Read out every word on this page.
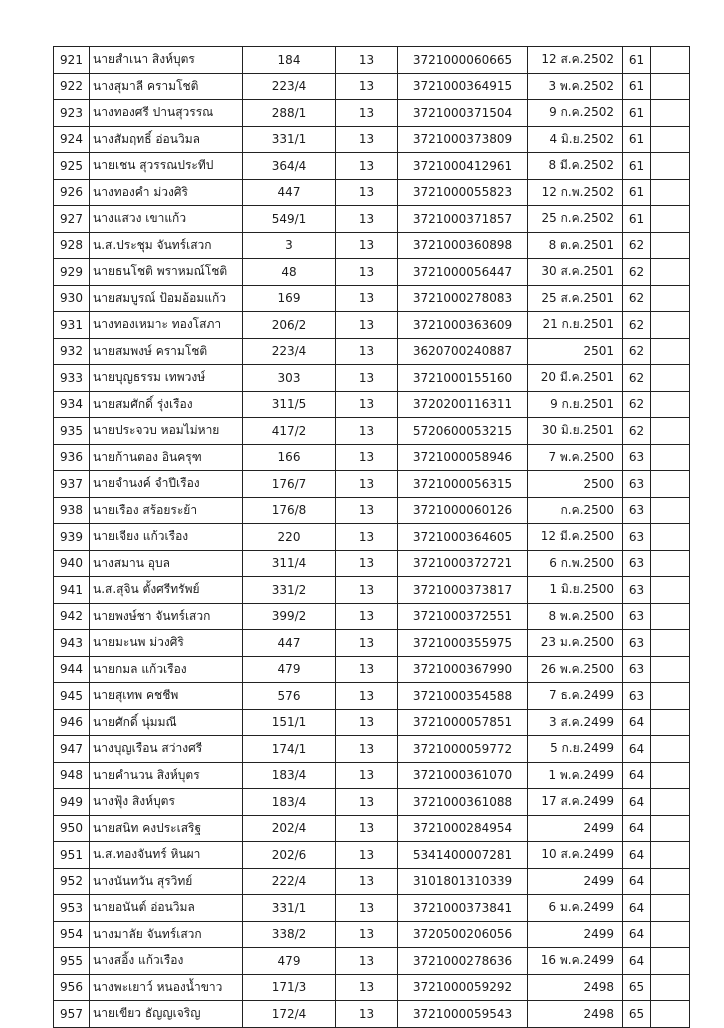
921	นายสำเนา สิงห์บุตร	184	13	3721000060665	12 ส.ค.2502	61	
922	นางสุมาลี ครามโชติ	223/4	13	3721000364915	3 พ.ค.2502	61	
923	นางทองศรี ปานสุวรรณ	288/1	13	3721000371504	9 ก.ค.2502	61	
924	นางสัมฤทธิ์ อ่อนวิมล	331/1	13	3721000373809	4 มิ.ย.2502	61	
925	นายเชน สุวรรณประทีป	364/4	13	3721000412961	8 มี.ค.2502	61	
926	นางทองคำ ม่วงศิริ	447	13	3721000055823	12 ก.พ.2502	61	
927	นางแสวง เขาแก้ว	549/1	13	3721000371857	25 ก.ค.2502	61	
928	น.ส.ประชุม จันทร์เสวก	3	13	3721000360898	8 ต.ค.2501	62	
929	นายธนโชติ พราหมณ์โชติ	48	13	3721000056447	30 ส.ค.2501	62	
930	นายสมบูรณ์ ป้อมอ้อมแก้ว	169	13	3721000278083	25 ส.ค.2501	62	
931	นางทองเหมาะ ทองโสภา	206/2	13	3721000363609	21 ก.ย.2501	62	
932	นายสมพงษ์ ครามโชติ	223/4	13	3620700240887	2501	62	
933	นายบุญธรรม เทพวงษ์	303	13	3721000155160	20 มี.ค.2501	62	
934	นายสมศักดิ์ รุ่งเรือง	311/5	13	3720200116311	9 ก.ย.2501	62	
935	นายประจวบ หอมไม่หาย	417/2	13	5720600053215	30 มิ.ย.2501	62	
936	นายก้านตอง อินครุฑ	166	13	3721000058946	7 พ.ค.2500	63	
937	นายจำนงค์ จำปีเรือง	176/7	13	3721000056315	2500	63	
938	นายเรือง สร้อยระย้า	176/8	13	3721000060126	ก.ค.2500	63	
939	นายเจียง แก้วเรือง	220	13	3721000364605	12 มี.ค.2500	63	
940	นางสมาน อุบล	311/4	13	3721000372721	6 ก.พ.2500	63	
941	น.ส.สุจิน ตั้งศรีทรัพย์	331/2	13	3721000373817	1 มิ.ย.2500	63	
942	นายพงษ์ชา จันทร์เสวก	399/2	13	3721000372551	8 พ.ค.2500	63	
943	นายมะนพ ม่วงศิริ	447	13	3721000355975	23 ม.ค.2500	63	
944	นายกมล แก้วเรือง	479	13	3721000367990	26 พ.ค.2500	63	
945	นายสุเทพ คชชีพ	576	13	3721000354588	7 ธ.ค.2499	63	
946	นายศักดิ์ นุ่มมณี	151/1	13	3721000057851	3 ส.ค.2499	64	
947	นางบุญเรือน สว่างศรี	174/1	13	3721000059772	5 ก.ย.2499	64	
948	นายคำนวน สิงห์บุตร	183/4	13	3721000361070	1 พ.ค.2499	64	
949	นางฟุ้ง สิงห์บุตร	183/4	13	3721000361088	17 ส.ค.2499	64	
950	นายสนิท คงประเสริฐ	202/4	13	3721000284954	2499	64	
951	น.ส.ทองจันทร์ หินผา	202/6	13	5341400007281	10 ส.ค.2499	64	
952	นางนันทวัน สุรวิทย์	222/4	13	3101801310339	2499	64	
953	นายอนันต์ อ่อนวิมล	331/1	13	3721000373841	6 ม.ค.2499	64	
954	นางมาลัย จันทร์เสวก	338/2	13	3720500206056	2499	64	
955	นางสอิ้ง แก้วเรือง	479	13	3721000278636	16 พ.ค.2499	64	
956	นางพะเยาว์ หนองน้ำขาว	171/3	13	3721000059292	2498	65	
957	นายเขียว ธัญญเจริญ	172/4	13	3721000059543	2498	65	
